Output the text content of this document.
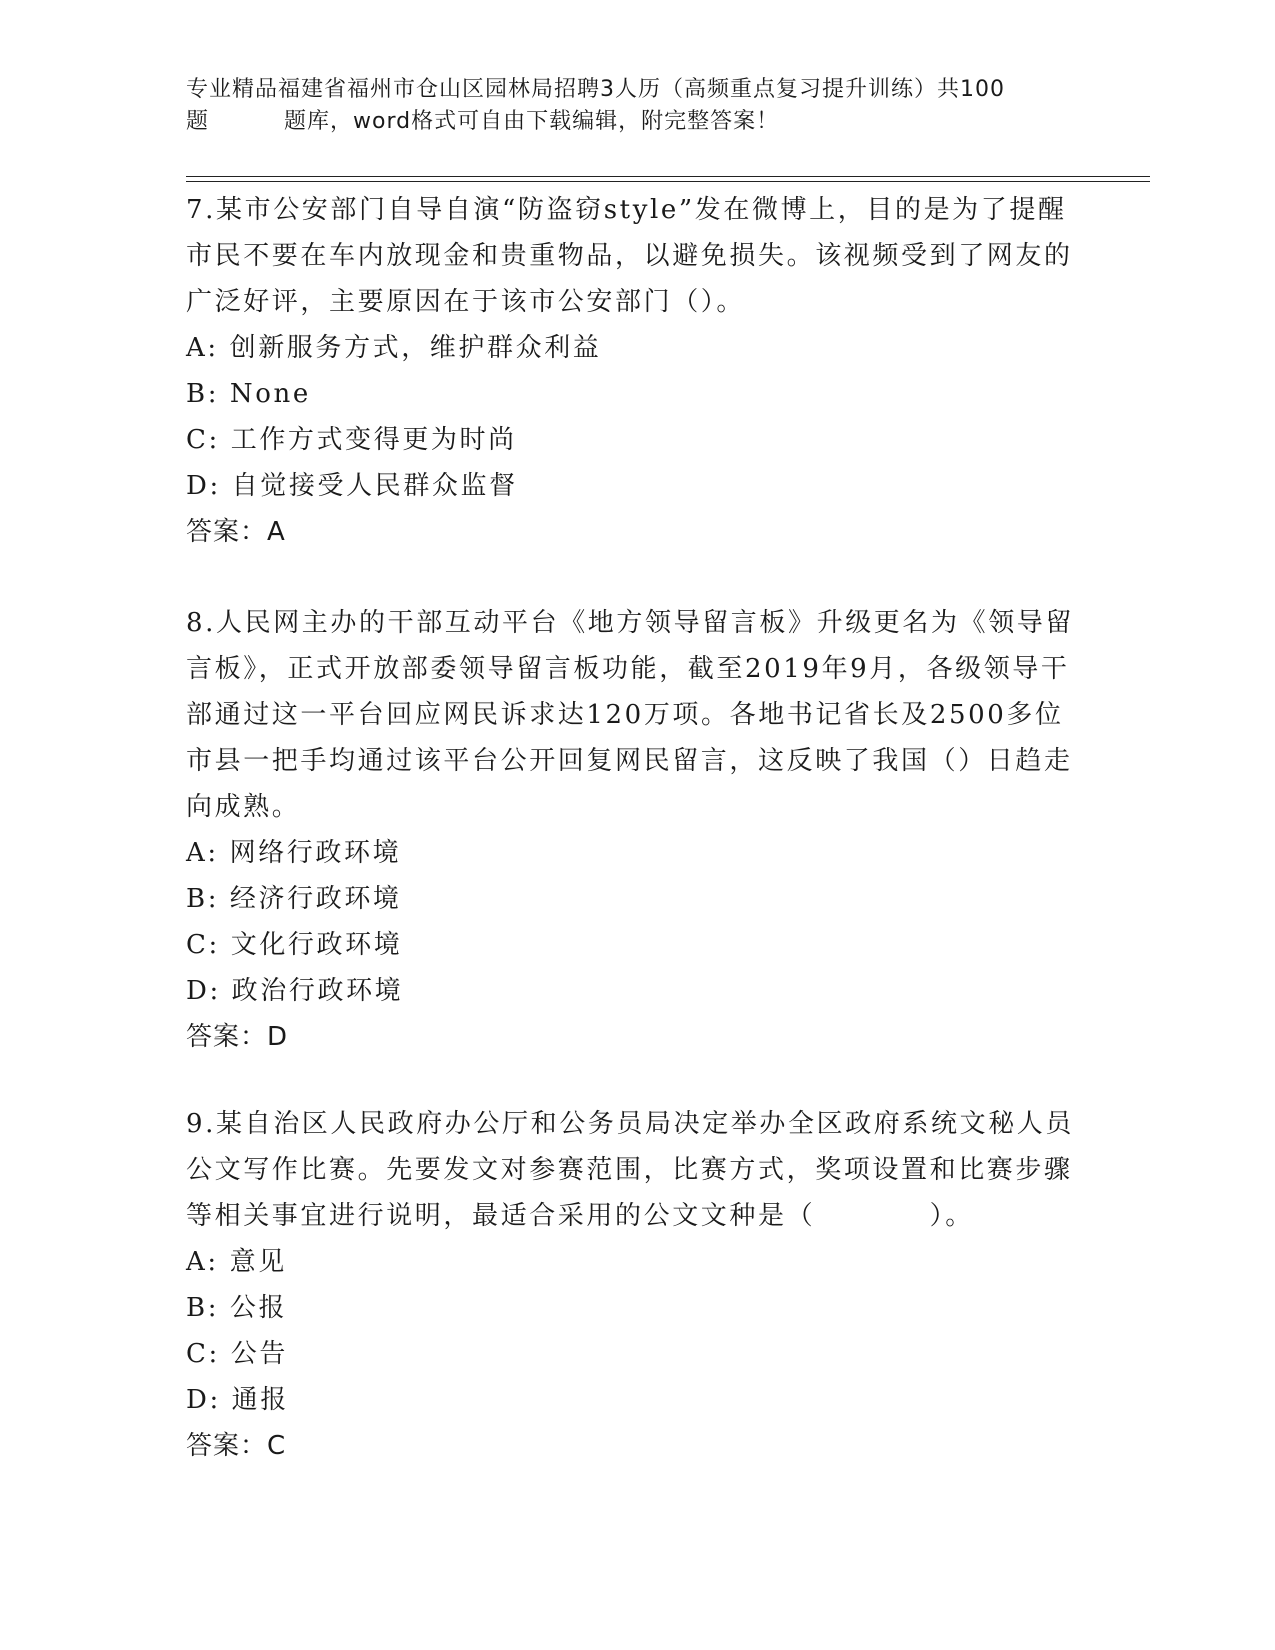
专业精品福建省福州市仓山区园林局招聘3人历（高频重点复习提升训练）共100
题	题库，word格式可自由下载编辑，附完整答案！

7.某市公安部门自导自演“防盗窃style”发在微博上，目的是为了提醒市民不要在车内放现金和贵重物品，以避免损失。该视频受到了网友的广泛好评，主要原因在于该市公安部门（）。

A: 创新服务方式，维护群众利益

B: None

C: 工作方式变得更为时尚

D: 自觉接受人民群众监督

答案：A

8.人民网主办的干部互动平台《地方领导留言板》升级更名为《领导留言板》，正式开放部委领导留言板功能，截至2019年9月，各级领导干部通过这一平台回应网民诉求达120万项。各地书记省长及2500多位市县一把手均通过该平台公开回复网民留言，这反映了我国（）日趋走向成熟。

A: 网络行政环境

B: 经济行政环境

C: 文化行政环境

D: 政治行政环境

答案：D

9.某自治区人民政府办公厅和公务员局决定举办全区政府系统文秘人员公文写作比赛。先要发文对参赛范围，比赛方式，奖项设置和比赛步骤等相关事宜进行说明，最适合采用的公文文种是（　　　　）。

A: 意见

B: 公报

C: 公告

D: 通报

答案：C
